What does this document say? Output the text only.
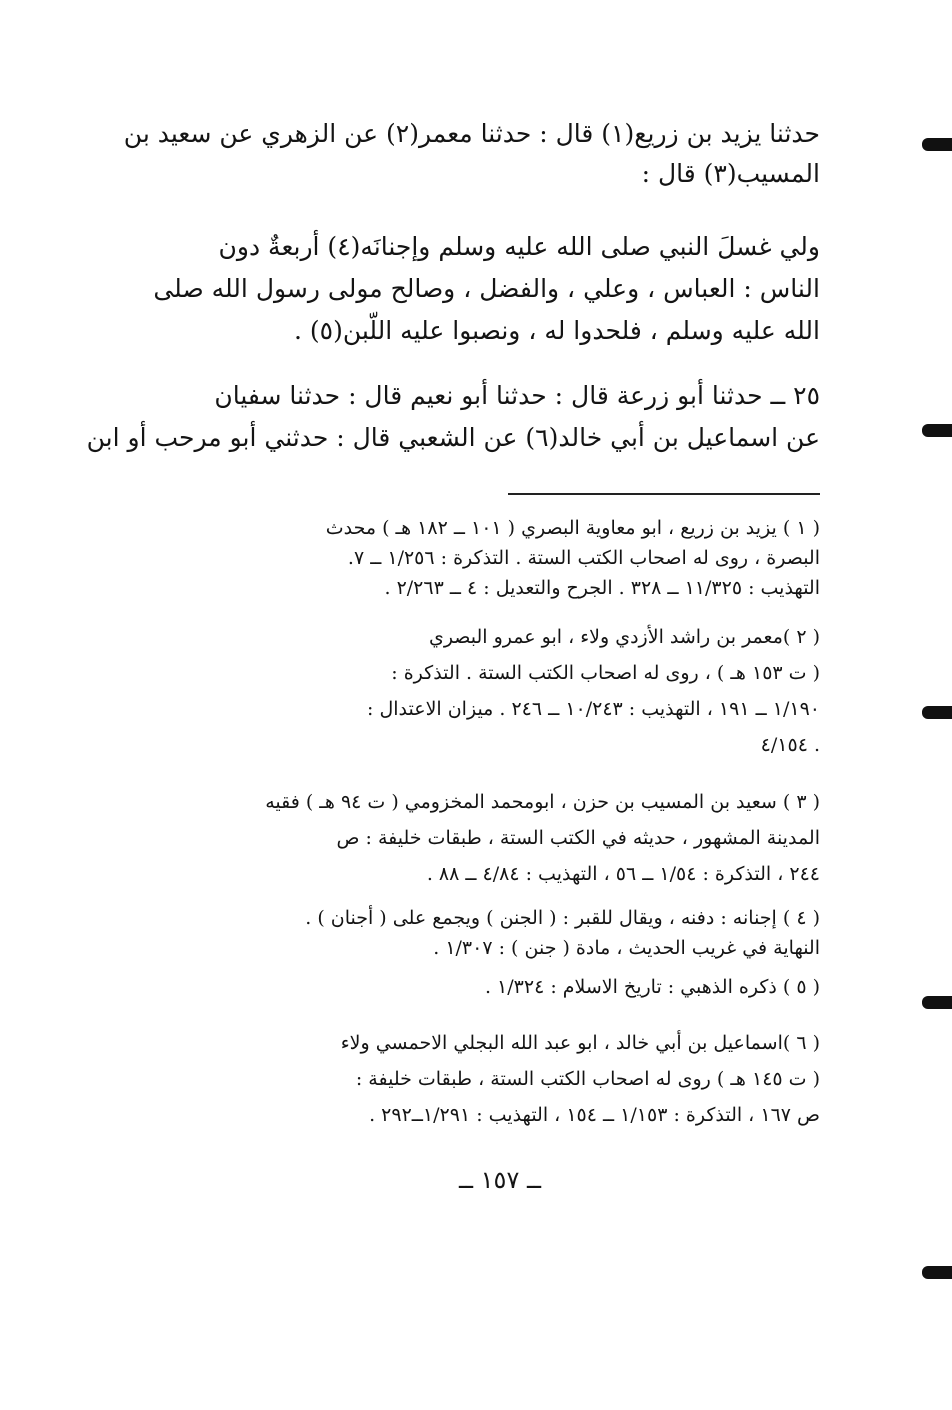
حدثنا يزيد بن زريع(١) قال : حدثنا معمر(٢) عن الزهري عن سعيد بن
المسيب(٣) قال :
ولي غسلَ النبي صلى الله عليه وسلم وإجنانَه(٤) أربعةٌ دون
الناس : العباس ، وعلي ، والفضل ، وصالح مولى رسول الله صلى
الله عليه وسلم ، فلحدوا له ، ونصبوا عليه اللّبن(٥) .
٢٥ ــ حدثنا أبو زرعة قال : حدثنا أبو نعيم قال : حدثنا سفيان
عن اسماعيل بن أبي خالد(٦) عن الشعبي قال : حدثني أبو مرحب أو ابن
( ١ ) يزيد بن زريع ، ابو معاوية البصري ( ١٠١ ــ ١٨٢ هـ ) محدث
البصرة ، روى له اصحاب الكتب الستة . التذكرة : ١/٢٥٦ ــ ٧.
التهذيب : ١١/٣٢٥ ــ ٣٢٨ . الجرح والتعديل : ٤ ــ ٢/٢٦٣ .
( ٢ )معمر بن راشد الأزدي ولاء ، ابو عمرو البصري
( ت ١٥٣ هـ ) ، روى له اصحاب الكتب الستة . التذكرة :
١/١٩٠ ــ ١٩١ ، التهذيب : ١٠/٢٤٣ ــ ٢٤٦ . ميزان الاعتدال :
٤/١٥٤ .
( ٣ ) سعيد بن المسيب بن حزن ، ابومحمد المخزومي ( ت ٩٤ هـ ) فقيه
المدينة المشهور ، حديثه في الكتب الستة ، طبقات خليفة : ص
٢٤٤ ، التذكرة : ١/٥٤ ــ ٥٦ ، التهذيب : ٤/٨٤ ــ ٨٨ .
( ٤ ) إجنانه : دفنه ، ويقال للقبر : ( الجنن ) ويجمع على ( أجنان ) .
النهاية في غريب الحديث ، مادة ( جنن ) : ١/٣٠٧ .
( ٥ ) ذكره الذهبي : تاريخ الاسلام : ١/٣٢٤ .
( ٦ )اسماعيل بن أبي خالد ، ابو عبد الله البجلي الاحمسي ولاء
( ت ١٤٥ هـ ) روى له اصحاب الكتب الستة ، طبقات خليفة :
ص ١٦٧ ، التذكرة : ١/١٥٣ ــ ١٥٤ ، التهذيب : ١/٢٩١ــ٢٩٢ .
ــ ١٥٧ ــ
